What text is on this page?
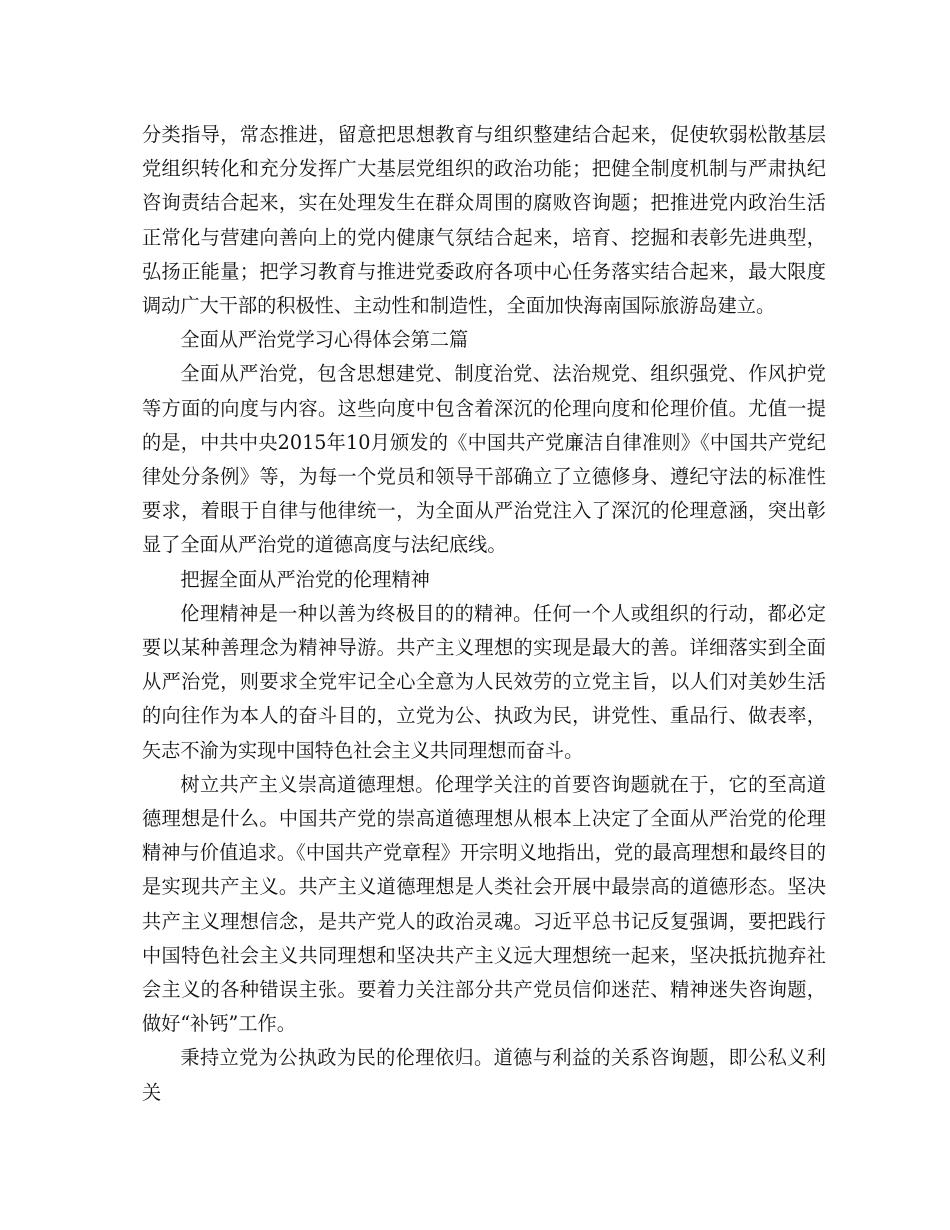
分类指导，常态推进，留意把思想教育与组织整建结合起来，促使软弱松散基层党组织转化和充分发挥广大基层党组织的政治功能；把健全制度机制与严肃执纪咨询责结合起来，实在处理发生在群众周围的腐败咨询题；把推进党内政治生活正常化与营建向善向上的党内健康气氛结合起来，培育、挖掘和表彰先进典型，弘扬正能量；把学习教育与推进党委政府各项中心任务落实结合起来，最大限度调动广大干部的积极性、主动性和制造性，全面加快海南国际旅游岛建立。

全面从严治党学习心得体会第二篇

全面从严治党，包含思想建党、制度治党、法治规党、组织强党、作风护党等方面的向度与内容。这些向度中包含着深沉的伦理向度和伦理价值。尤值一提的是，中共中央2015年10月颁发的《中国共产党廉洁自律准则》《中国共产党纪律处分条例》等，为每一个党员和领导干部确立了立德修身、遵纪守法的标准性要求，着眼于自律与他律统一，为全面从严治党注入了深沉的伦理意涵，突出彰显了全面从严治党的道德高度与法纪底线。

把握全面从严治党的伦理精神

伦理精神是一种以善为终极目的的精神。任何一个人或组织的行动，都必定要以某种善理念为精神导游。共产主义理想的实现是最大的善。详细落实到全面从严治党，则要求全党牢记全心全意为人民效劳的立党主旨，以人们对美妙生活的向往作为本人的奋斗目的，立党为公、执政为民，讲党性、重品行、做表率，矢志不渝为实现中国特色社会主义共同理想而奋斗。

树立共产主义崇高道德理想。伦理学关注的首要咨询题就在于，它的至高道德理想是什么。中国共产党的崇高道德理想从根本上决定了全面从严治党的伦理精神与价值追求。《中国共产党章程》开宗明义地指出，党的最高理想和最终目的是实现共产主义。共产主义道德理想是人类社会开展中最崇高的道德形态。坚决共产主义理想信念，是共产党人的政治灵魂。习近平总书记反复强调，要把践行中国特色社会主义共同理想和坚决共产主义远大理想统一起来，坚决抵抗抛弃社会主义的各种错误主张。要着力关注部分共产党员信仰迷茫、精神迷失咨询题，做好“补钙”工作。

秉持立党为公执政为民的伦理依归。道德与利益的关系咨询题，即公私义利关
